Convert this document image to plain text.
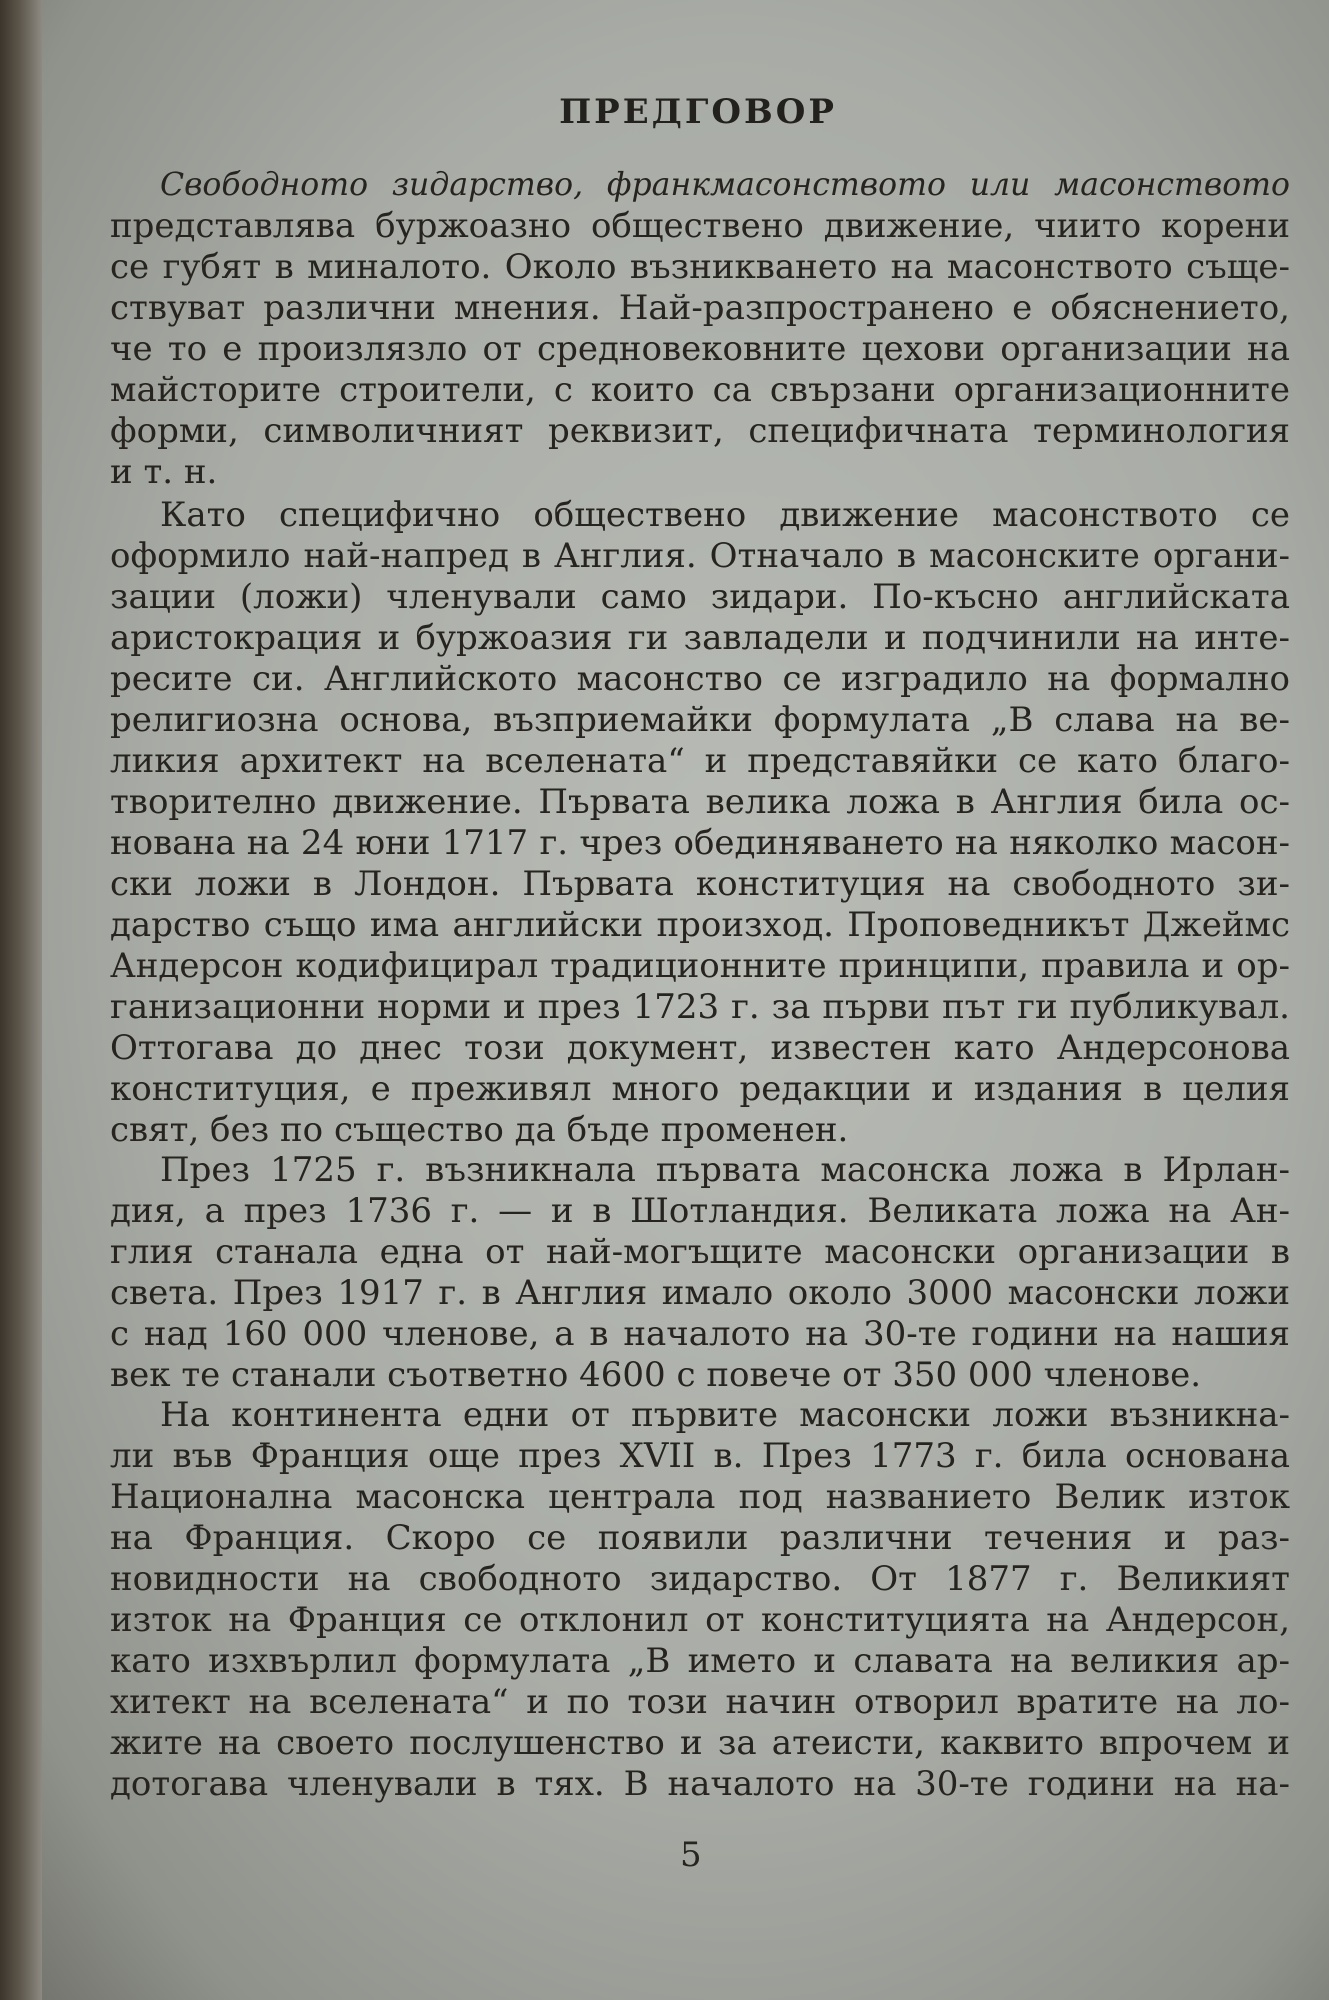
ПРЕДГОВОР
Свободното зидарство, франкмасонството или масонството
представлява буржоазно обществено движение, чиито корени
се губят в миналото. Около възникването на масонството съще-
ствуват различни мнения. Най-разпространено е обяснението,
че то е произлязло от средновековните цехови организации на
майсторите строители, с които са свързани организационните
форми, символичният реквизит, специфичната терминология
и т. н.
Като специфично обществено движение масонството се
оформило най-напред в Англия. Отначало в масонските органи-
зации (ложи) членували само зидари. По-късно английската
аристокрация и буржоазия ги завладели и подчинили на инте-
ресите си. Английското масонство се изградило на формално
религиозна основа, възприемайки формулата „В слава на ве-
ликия архитект на вселената“ и представяйки се като благо-
творително движение. Първата велика ложа в Англия била ос-
нована на 24 юни 1717 г. чрез обединяването на няколко масон-
ски ложи в Лондон. Първата конституция на свободното зи-
дарство също има английски произход. Проповедникът Джеймс
Андерсон кодифицирал традиционните принципи, правила и ор-
ганизационни норми и през 1723 г. за първи път ги публикувал.
Оттогава до днес този документ, известен като Андерсонова
конституция, е преживял много редакции и издания в целия
свят, без по същество да бъде променен.
През 1725 г. възникнала първата масонска ложа в Ирлан-
дия, а през 1736 г. — и в Шотландия. Великата ложа на Ан-
глия станала една от най-могъщите масонски организации в
света. През 1917 г. в Англия имало около 3000 масонски ложи
с над 160 000 членове, а в началото на 30-те години на нашия
век те станали съответно 4600 с повече от 350 000 членове.
На континента едни от първите масонски ложи възникна-
ли във Франция още през XVII в. През 1773 г. била основана
Национална масонска централа под названието Велик изток
на Франция. Скоро се появили различни течения и раз-
новидности на свободното зидарство. От 1877 г. Великият
изток на Франция се отклонил от конституцията на Андерсон,
като изхвърлил формулата „В името и славата на великия ар-
хитект на вселената“ и по този начин отворил вратите на ло-
жите на своето послушенство и за атеисти, каквито впрочем и
дотогава членували в тях. В началото на 30-те години на на-
5
